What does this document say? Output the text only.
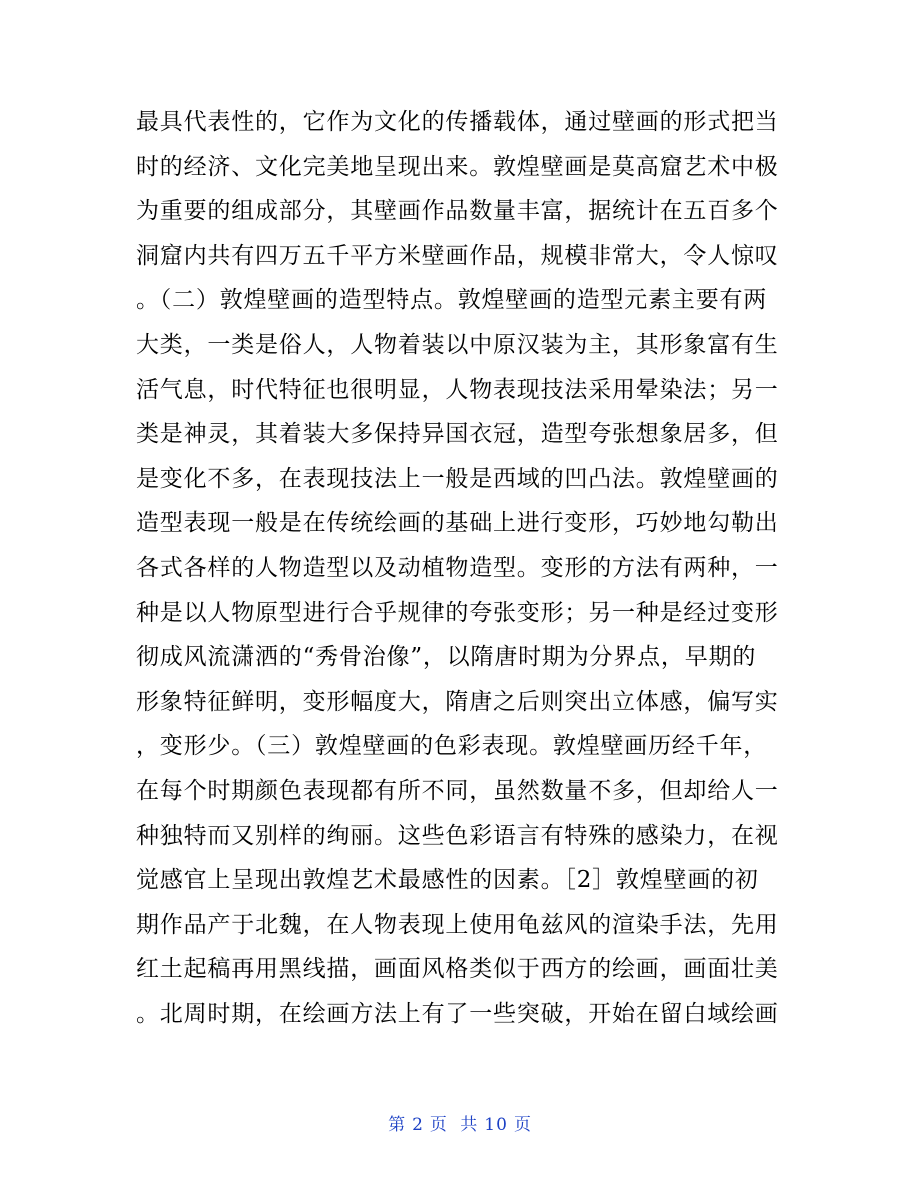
最具代表性的，它作为文化的传播载体，通过壁画的形式把当
时的经济、文化完美地呈现出来。敦煌壁画是莫高窟艺术中极
为重要的组成部分，其壁画作品数量丰富，据统计在五百多个
洞窟内共有四万五千平方米壁画作品，规模非常大，令人惊叹
。（二）敦煌壁画的造型特点。敦煌壁画的造型元素主要有两
大类，一类是俗人，人物着装以中原汉装为主，其形象富有生
活气息，时代特征也很明显，人物表现技法采用晕染法；另一
类是神灵，其着装大多保持异国衣冠，造型夸张想象居多，但
是变化不多，在表现技法上一般是西域的凹凸法。敦煌壁画的
造型表现一般是在传统绘画的基础上进行变形，巧妙地勾勒出
各式各样的人物造型以及动植物造型。变形的方法有两种，一
种是以人物原型进行合乎规律的夸张变形；另一种是经过变形
彻成风流潇洒的“秀骨治像”，以隋唐时期为分界点，早期的
形象特征鲜明，变形幅度大，隋唐之后则突出立体感，偏写实
，变形少。（三）敦煌壁画的色彩表现。敦煌壁画历经千年，
在每个时期颜色表现都有所不同，虽然数量不多，但却给人一
种独特而又别样的绚丽。这些色彩语言有特殊的感染力，在视
觉感官上呈现出敦煌艺术最感性的因素。［2］敦煌壁画的初
期作品产于北魏，在人物表现上使用龟兹风的渲染手法，先用
红土起稿再用黑线描，画面风格类似于西方的绘画，画面壮美
。北周时期，在绘画方法上有了一些突破，开始在留白域绘画
第 2 页 共 10 页
